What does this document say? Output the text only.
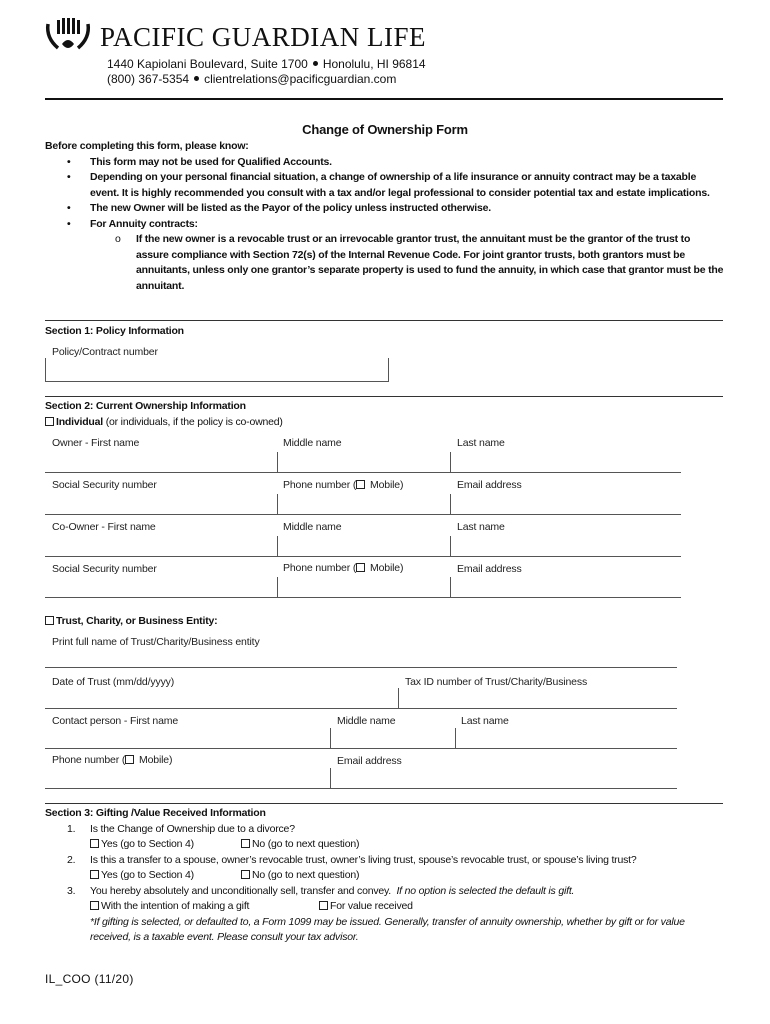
PACIFIC GUARDIAN LIFE
1440 Kapiolani Boulevard, Suite 1700 Honolulu, HI 96814
(800) 367-5354 clientrelations@pacificguardian.com
Change of Ownership Form
Before completing this form, please know:
• This form may not be used for Qualified Accounts.
• Depending on your personal financial situation, a change of ownership of a life insurance or annuity contract may be a taxable event. It is highly recommended you consult with a tax and/or legal professional to consider potential tax and estate implications.
• The new Owner will be listed as the Payor of the policy unless instructed otherwise.
• For Annuity contracts:
o If the new owner is a revocable trust or an irrevocable grantor trust, the annuitant must be the grantor of the trust to assure compliance with Section 72(s) of the Internal Revenue Code. For joint grantor trusts, both grantors must be annuitants, unless only one grantor’s separate property is used to fund the annuity, in which case that grantor must be the annuitant.
Section 1: Policy Information
Policy/Contract number
Section 2: Current Ownership Information
Individual (or individuals, if the policy is co-owned)
Owner - First name	Middle name	Last name
Social Security number	Phone number ( Mobile)	Email address
Co-Owner - First name	Middle name	Last name
Social Security number	Phone number ( Mobile)	Email address
Trust, Charity, or Business Entity:
Print full name of Trust/Charity/Business entity
Date of Trust (mm/dd/yyyy)	Tax ID number of Trust/Charity/Business
Contact person - First name	Middle name	Last name
Phone number ( Mobile)	Email address
Section 3: Gifting /Value Received Information
1. Is the Change of Ownership due to a divorce?
Yes (go to Section 4)	No (go to next question)
2. Is this a transfer to a spouse, owner’s revocable trust, owner’s living trust, spouse’s revocable trust, or spouse’s living trust?
Yes (go to Section 4)	No (go to next question)
3. You hereby absolutely and unconditionally sell, transfer and convey. If no option is selected the default is gift.
With the intention of making a gift	For value received
*If gifting is selected, or defaulted to, a Form 1099 may be issued. Generally, transfer of annuity ownership, whether by gift or for value received, is a taxable event. Please consult your tax advisor.
IL_COO (11/20)
